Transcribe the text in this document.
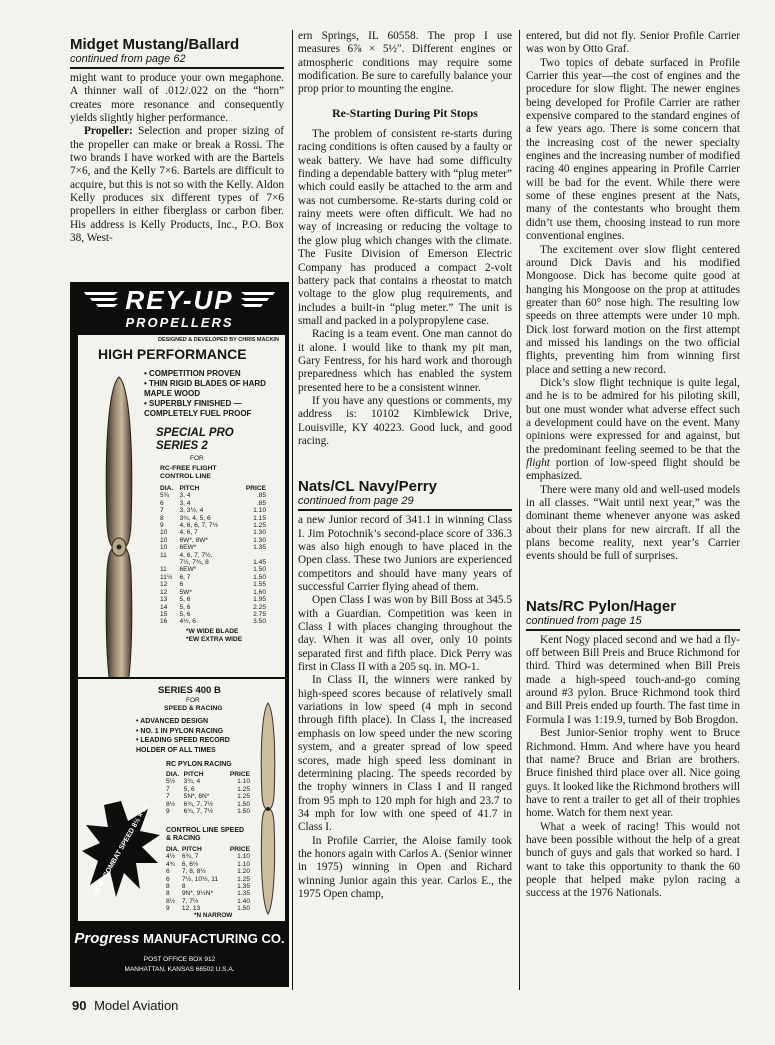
Midget Mustang/Ballard
continued from page 62

might want to produce your own megaphone. A thinner wall of .012/.022 on the “horn” creates more resonance and consequently yields slightly higher performance.

Propeller: Selection and proper sizing of the propeller can make or break a Rossi. The two brands I have worked with are the Bartels 7×6, and the Kelly 7×6. Bartels are difficult to acquire, but this is not so with the Kelly. Aldon Kelly produces six different types of 7×6 propellers in either fiberglass or carbon fiber. His address is Kelly Products, Inc., P.O. Box 38, West-

REY-UP
PROPELLERS
DESIGNED & DEVELOPED BY CHRIS MACKIN
HIGH PERFORMANCE
• COMPETITION PROVEN
• THIN RIGID BLADES OF HARD MAPLE WOOD
• SUPERBLY FINISHED — COMPLETELY FUEL PROOF
SPECIAL PRO SERIES 2
FOR
RC-FREE FLIGHT CONTROL LINE
DIA.	PITCH	PRICE
5¾	3, 4	.85
6	3, 4	.85
7	3, 3½, 4	1.10
8	3¾, 4, 5, 6	1.15
9	4, 6, 6, 7, 7½	1.25
10	4, 6, 7	1.30
10	6W*, 8W*	1.30
10	6EW*	1.35
11	4, 6, 7, 7½,	
	7½, 7¾, 8	1.45
11	6EW*	1.50
11½	6, 7	1.50
12	6	1.55
12	5W*	1.60
13	5, 6	1.95
14	5, 6	2.25
15	5, 6	2.75
16	4½, 6	3.50
*W WIDE BLADE
*EW EXTRA WIDE
SERIES 400 B
FOR
SPEED & RACING
• ADVANCED DESIGN
• NO. 1 IN PYLON RACING
• LEADING SPEED RECORD HOLDER OF ALL TIMES
RC PYLON RACING
DIA.	PITCH	PRICE
5½	3¾, 4	1.10
7	5, 6	1.25
7	5N*, 6N*	1.25
8½	6¾, 7, 7½	1.50
9	6¾, 7, 7½	1.50
CONTROL LINE SPEED & RACING
DIA.	PITCH	PRICE
4½	6¾, 7	1.10
4¾	6, 6½	1.10
6	7, 8, 8½	1.20
6	7½, 10½, 11	1.25
8	8	1.35
8	9N*, 9½N*	1.35
8½	7, 7½	1.40
9	12, 13	1.50
*N NARROW
NEW! COMBAT SPEED 8½ × 7½
Progress MANUFACTURING CO.
POST OFFICE BOX 912
MANHATTAN, KANSAS 66502 U.S.A.

ern Springs, IL 60558. The prop I use measures 6⅞ × 5½″. Different engines or atmospheric conditions may require some modification. Be sure to carefully balance your prop prior to mounting the engine.

Re-Starting During Pit Stops

The problem of consistent re-starts during racing conditions is often caused by a faulty or weak battery. We have had some difficulty finding a dependable battery with “plug meter” which could easily be attached to the arm and was not cumbersome. Re-starts during cold or rainy meets were often difficult. We had no way of increasing or reducing the voltage to the glow plug which changes with the climate. The Fusite Division of Emerson Electric Company has produced a compact 2-volt battery pack that contains a rheostat to match voltage to the glow plug requirements, and includes a built-in “plug meter.” The unit is small and packed in a polypropylene case.

Racing is a team event. One man cannot do it alone. I would like to thank my pit man, Gary Fentress, for his hard work and thorough preparedness which has enabled the system presented here to be a consistent winner.

If you have any questions or comments, my address is: 10102 Kimblewick Drive, Louisville, KY 40223. Good luck, and good racing.

Nats/CL Navy/Perry
continued from page 29

a new Junior record of 341.1 in winning Class I. Jim Potochnik’s second-place score of 336.3 was also high enough to have placed in the Open class. These two Juniors are experienced competitors and should have many years of successful Carrier flying ahead of them.

Open Class I was won by Bill Boss at 345.5 with a Guardian. Competition was keen in Class I with places changing throughout the day. When it was all over, only 10 points separated first and fifth place. Dick Perry was first in Class II with a 205 sq. in. MO-1.

In Class II, the winners were ranked by high-speed scores because of relatively small variations in low speed (4 mph in second through fifth place). In Class I, the increased emphasis on low speed under the new scoring system, and a greater spread of low speed scores, made high speed less dominant in determining placing. The speeds recorded by the trophy winners in Class I and II ranged from 95 mph to 120 mph for high and 23.7 to 34 mph for low with one speed of 41.7 in Class I.

In Profile Carrier, the Aloise family took the honors again with Carlos A. (Senior winner in 1975) winning in Open and Richard winning Junior again this year. Carlos E., the 1975 Open champ,

entered, but did not fly. Senior Profile Carrier was won by Otto Graf.

Two topics of debate surfaced in Profile Carrier this year—the cost of engines and the procedure for slow flight. The newer engines being developed for Profile Carrier are rather expensive compared to the standard engines of a few years ago. There is some concern that the increasing cost of the newer specialty engines and the increasing number of modified racing 40 engines appearing in Profile Carrier will be bad for the event. While there were some of these engines present at the Nats, many of the contestants who brought them didn’t use them, choosing instead to run more conventional engines.

The excitement over slow flight centered around Dick Davis and his modified Mongoose. Dick has become quite good at hanging his Mongoose on the prop at attitudes greater than 60° nose high. The resulting low speeds on three attempts were under 10 mph. Dick lost forward motion on the first attempt and missed his landings on the two official flights, preventing him from winning first place and setting a new record.

Dick’s slow flight technique is quite legal, and he is to be admired for his piloting skill, but one must wonder what adverse effect such a development could have on the event. Many opinions were expressed for and against, but the predominant feeling seemed to be that the flight portion of low-speed flight should be emphasized.

There were many old and well-used models in all classes. “Wait until next year,” was the dominant theme whenever anyone was asked about their plans for new aircraft. If all the plans become reality, next year’s Carrier events should be full of surprises.

Nats/RC Pylon/Hager
continued from page 15

Kent Nogy placed second and we had a fly-off between Bill Preis and Bruce Richmond for third. Third was determined when Bill Preis made a high-speed touch-and-go coming around #3 pylon. Bruce Richmond took third and Bill Preis ended up fourth. The fast time in Formula I was 1:19.9, turned by Bob Brogdon.

Best Junior-Senior trophy went to Bruce Richmond. Hmm. And where have you heard that name? Bruce and Brian are brothers. Bruce finished third place over all. Nice going guys. It looked like the Richmond brothers will have to rent a trailer to get all of their trophies home. Watch for them next year.

What a week of racing! This would not have been possible without the help of a great bunch of guys and gals that worked so hard. I want to take this opportunity to thank the 60 people that helped make pylon racing a success at the 1976 Nationals.

90 Model Aviation
